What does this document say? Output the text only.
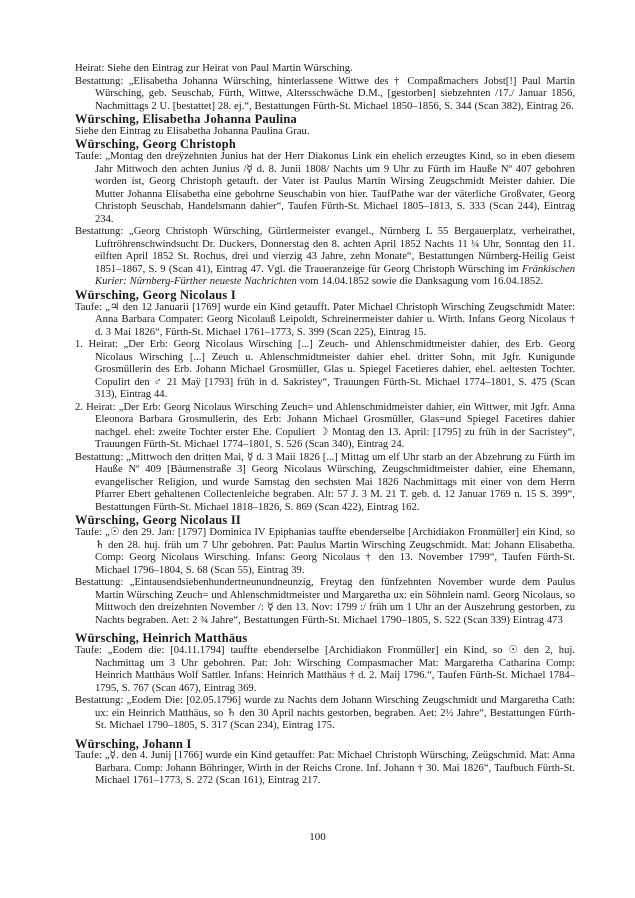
Heirat: Siehe den Eintrag zur Heirat von Paul Martin Würsching.

Bestattung: „Elisabetha Johanna Würsching, hinterlassene Wittwe des † Compaßmachers Jobst[!] Paul Martin Würsching, geb. Seuschab, Fürth, Wittwe, Altersschwäche D.M., [gestorben] siebzehnten /17./ Januar 1856, Nachmittags 2 U. [bestattet] 28. ej.“, Bestattungen Fürth-St. Michael 1850–1856, S. 344 (Scan 382), Eintrag 26.

Würsching, Elisabetha Johanna Paulina

Siehe den Eintrag zu Elisabetha Johanna Paulina Grau.

Würsching, Georg Christoph

Taufe: „Montag den dreÿzehnten Junius hat der Herr Diakonus Link ein ehelich erzeugtes Kind, so in eben diesem Jahr Mittwoch den achten Junius /☿ d. 8. Junii 1808/ Nachts um 9 Uhr zu Fürth im Hauße Nº 407 gebohren worden ist, Georg Christoph getauft. der Vater ist Paulus Martin Wirsing Zeugschmidt Meister dahier. Die Mutter Johanna Elisabetha eine gebohrne Seuschabin von hier. TaufPathe war der väterliche Großvater, Georg Christoph Seuschab, Handelsmann dahier“, Taufen Fürth-St. Michael 1805–1813, S. 333 (Scan 244), Eintrag 234.

Bestattung: „Georg Christoph Würsching, Gürtlermeister evangel., Nürnberg L 55 Bergauerplatz, verheirathet, Luftröhrenschwindsucht Dr. Duckers, Donnerstag den 8. achten April 1852 Nachts 11 ¼ Uhr, Sonntag den 11. eilften April 1852 St. Rochus, drei und vierzig 43 Jahre, zehn Monate“, Bestattungen Nürnberg-Heilig Geist 1851–1867, S. 9 (Scan 41), Eintrag 47. Vgl. die Traueranzeige für Georg Christoph Würsching im Fränkischen Kurier: Nürnberg-Fürther neueste Nachrichten vom 14.04.1852 sowie die Danksagung vom 16.04.1852.

Würsching, Georg Nicolaus I

Taufe: „♃ den 12 Januarii [1769] wurde ein Kind getaufft. Pater Michael Christoph Wirsching Zeugschmidt Mater: Anna Barbara Compater: Georg Nicolauß Leipoldt, Schreinermeister dahier u. Wirth. Infans Georg Nicolaus † d. 3 Mai 1826“, Fürth-St. Michael 1761–1773, S. 399 (Scan 225), Eintrag 15.

1. Heirat: „Der Erb: Georg Nicolaus Wirsching [...] Zeuch- und Ahlenschmidtmeister dahier, des Erb. Georg Nicolaus Wirsching [...] Zeuch u. Ahlenschmidtmeister dahier ehel. dritter Sohn, mit Jgfr. Kunigunde Grosmüllerin des Erb. Johann Michael Grosmüller, Glas u. Spiegel Facetieres dahier, ehel. aeltesten Tochter. Copulirt den ♂ 21 Maÿ [1793] früh in d. Sakristey“, Trauungen Fürth-St. Michael 1774–1801, S. 475 (Scan 313), Eintrag 44.

2. Heirat: „Der Erb: Georg Nicolaus Wirsching Zeuch= und Ahlenschmidmeister dahier, ein Wittwer, mit Jgfr. Anna Eleonora Barbara Grosmullerin, des Erb: Johann Michael Grosmüller, Glas=und Spiegel Facetires dahier nachgel. ehel: zweite Tochter erster Ehe. Copuliert ☽ Montag den 13. April: [1795] zu früh in der Sacristey“, Trauungen Fürth-St. Michael 1774–1801, S. 526 (Scan 340), Eintrag 24.

Bestattung: „Mittwoch den dritten Mai, ☿ d. 3 Maii 1826 [...] Mittag um elf Uhr starb an der Abzehrung zu Fürth im Hauße Nº 409 [Bäumenstraße 3] Georg Nicolaus Würsching, Zeugschmidtmeister dahier, eine Ehemann, evangelischer Religion, und wurde Samstag den sechsten Mai 1826 Nachmittags mit einer von dem Herrn Pfarrer Ebert gehaltenen Collectenleiche begraben. Alt: 57 J. 3 M. 21 T. geb. d. 12 Januar 1769 n. 15 S. 399“, Bestattungen Fürth-St. Michael 1818–1826, S. 869 (Scan 422), Eintrag 162.

Würsching, Georg Nicolaus II

Taufe: „☉ den 29. Jan: [1797] Dominica IV Epiphanias tauffte ebenderselbe [Archidiakon Fronmüller] ein Kind, so ♄ den 28. huj. früh um 7 Uhr gebohren. Pat: Paulus Martin Wirsching Zeugschmidt. Mat: Johann Elisabetha. Comp: Georg Nicolaus Wirsching. Infans: Georg Nicolaus † den 13. November 1799“, Taufen Fürth-St. Michael 1796–1804, S. 68 (Scan 55), Eintrag 39.

Bestattung: „Eintausendsiebenhundertneunundneunzig, Freytag den fünfzehnten November wurde dem Paulus Martin Würsching Zeuch= und Ahlenschmidtmeister und Margaretha ux: ein Söhnlein naml. Georg Nicolaus, so Mittwoch den dreizehnten November /: ☿ den 13. Nov: 1799 :/ früh um 1 Uhr an der Auszehrung gestorben, zu Nachts begraben. Aet: 2 ¾ Jahre“, Bestattungen Fürth-St. Michael 1790–1805, S. 522 (Scan 339) Eintrag 473

Würsching, Heinrich Matthäus

Taufe: „Eodem die: [04.11.1794] tauffte ebenderselbe [Archidiakon Fronmüller] ein Kind, so ☉ den 2, huj. Nachmittag um 3 Uhr gebohren. Pat: Joh: Wirsching Compasmacher Mat: Margaretha Catharina Comp: Heinrich Matthäus Wolf Sattler. Infans: Heinrich Matthäus † d. 2. Maij 1796.“, Taufen Fürth-St. Michael 1784–1795, S. 767 (Scan 467), Eintrag 369.

Bestattung: „Eodem Die: [02.05.1796] wurde zu Nachts dem Johann Wirsching Zeugschmidt und Margaretha Cath: ux: ein Heinrich Matthäus, so ♄ den 30 April nachts gestorben, begraben. Aet: 2½ Jahre“, Bestattungen Fürth-St. Michael 1790–1805, S. 317 (Scan 234), Eintrag 175.

Würsching, Johann I

Taufe: „☿. den 4. Junij [1766] wurde ein Kind getauffet: Pat: Michael Christoph Würsching, Zeügschmid. Mat: Anna Barbara. Comp: Johann Böhringer, Wirth in der Reichs Crone. Inf. Johann † 30. Mai 1826“, Taufbuch Fürth-St. Michael 1761–1773, S. 272 (Scan 161), Eintrag 217.

100
